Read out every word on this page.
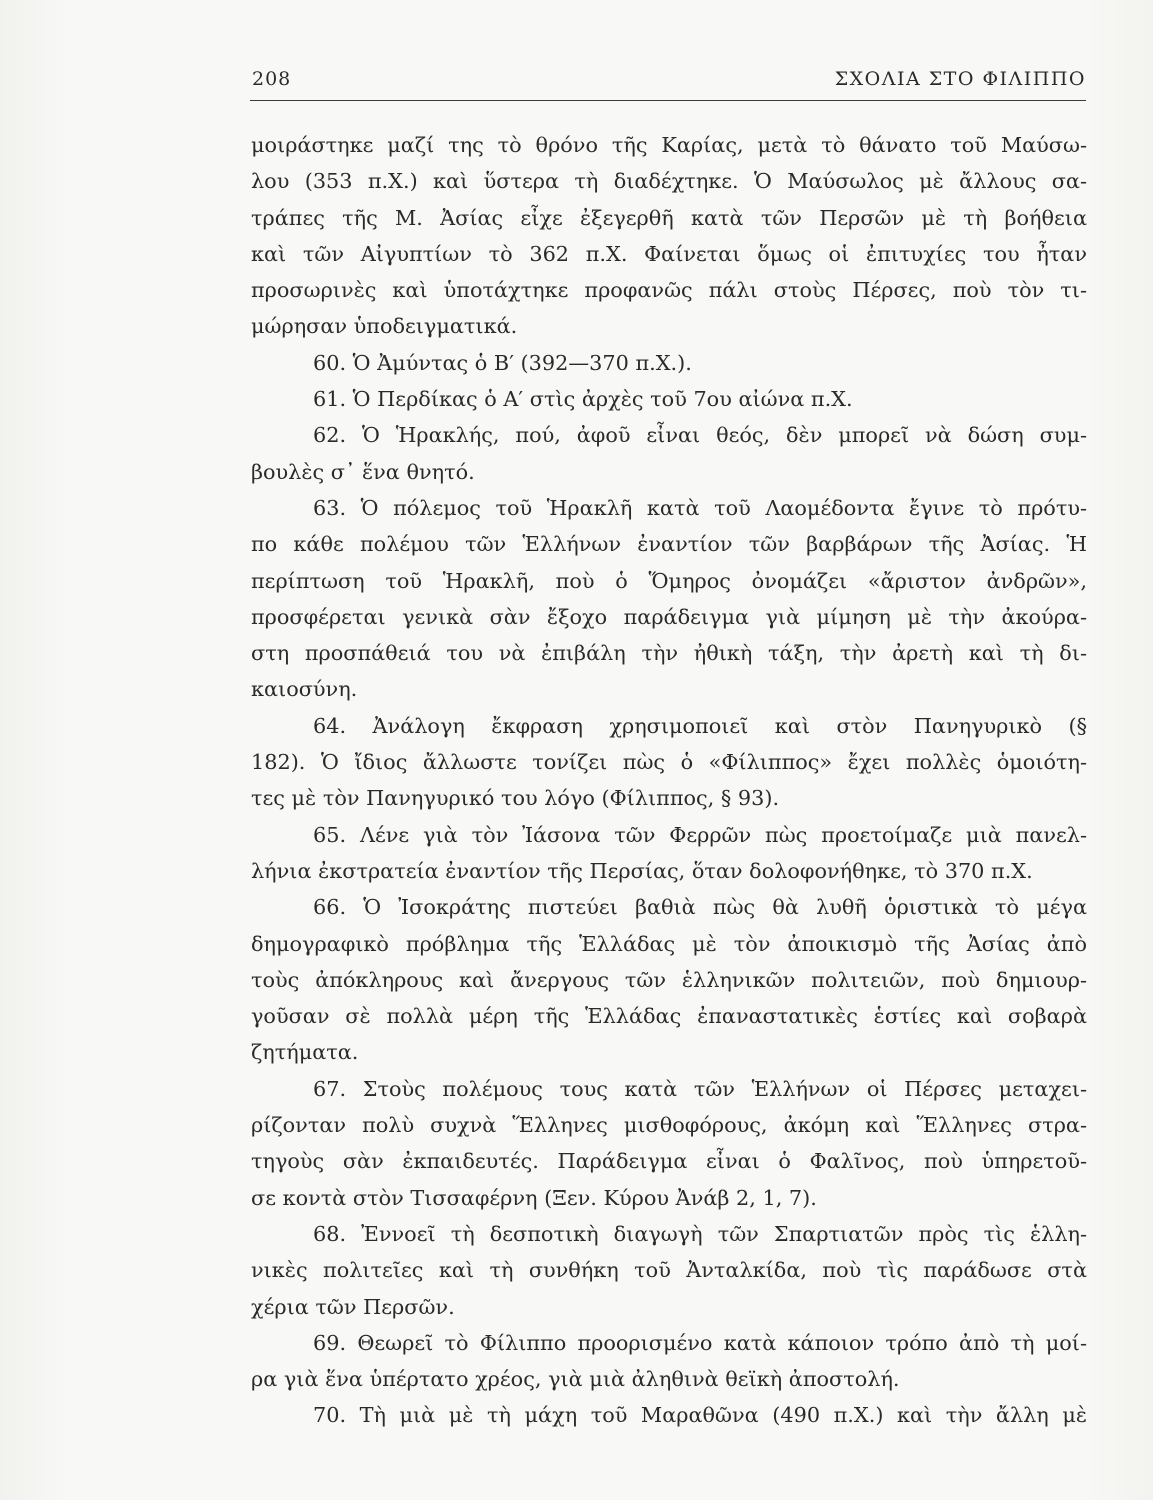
208	ΣΧΟΛΙΑ ΣΤΟ ΦΙΛΙΠΠΟ
μοιράστηκε μαζί της τὸ θρόνο τῆς Καρίας, μετὰ τὸ θάνατο τοῦ Μαύσω-
λου (353 π.Χ.) καὶ ὕστερα τὴ διαδέχτηκε. Ὁ Μαύσωλος μὲ ἄλλους σα-
τράπες τῆς Μ. Ἀσίας εἶχε ἐξεγερθῆ κατὰ τῶν Περσῶν μὲ τὴ βοήθεια
καὶ τῶν Αἰγυπτίων τὸ 362 π.Χ. Φαίνεται ὅμως οἱ ἐπιτυχίες του ἦταν
προσωρινὲς καὶ ὑποτάχτηκε προφανῶς πάλι στοὺς Πέρσες, ποὺ τὸν τι-
μώρησαν ὑποδειγματικά.
60. Ὁ Ἀμύντας ὁ Β′ (392—370 π.Χ.).
61. Ὁ Περδίκας ὁ Α′ στὶς ἀρχὲς τοῦ 7ου αἰώνα π.Χ.
62. Ὁ Ἡρακλής, πού, ἀφοῦ εἶναι θεός, δὲν μπορεῖ νὰ δώση συμ-
βουλὲς σ᾽ ἕνα θνητό.
63. Ὁ πόλεμος τοῦ Ἡρακλῆ κατὰ τοῦ Λαομέδοντα ἔγινε τὸ πρότυ-
πο κάθε πολέμου τῶν Ἑλλήνων ἐναντίον τῶν βαρβάρων τῆς Ἀσίας. Ἡ
περίπτωση τοῦ Ἡρακλῆ, ποὺ ὁ Ὅμηρος ὀνομάζει «ἄριστον ἀνδρῶν»,
προσφέρεται γενικὰ σὰν ἔξοχο παράδειγμα γιὰ μίμηση μὲ τὴν ἀκούρα-
στη προσπάθειά του νὰ ἐπιβάλη τὴν ἠθικὴ τάξη, τὴν ἀρετὴ καὶ τὴ δι-
καιοσύνη.
64. Ἀνάλογη ἔκφραση χρησιμοποιεῖ καὶ στὸν Πανηγυρικὸ (§
182). Ὁ ἴδιος ἄλλωστε τονίζει πὼς ὁ «Φίλιππος» ἔχει πολλὲς ὁμοιότη-
τες μὲ τὸν Πανηγυρικό του λόγο (Φίλιππος, § 93).
65. Λένε γιὰ τὸν Ἰάσονα τῶν Φερρῶν πὼς προετοίμαζε μιὰ πανελ-
λήνια ἐκστρατεία ἐναντίον τῆς Περσίας, ὅταν δολοφονήθηκε, τὸ 370 π.Χ.
66. Ὁ Ἰσοκράτης πιστεύει βαθιὰ πὼς θὰ λυθῆ ὁριστικὰ τὸ μέγα
δημογραφικὸ πρόβλημα τῆς Ἑλλάδας μὲ τὸν ἀποικισμὸ τῆς Ἀσίας ἀπὸ
τοὺς ἀπόκληρους καὶ ἄνεργους τῶν ἑλληνικῶν πολιτειῶν, ποὺ δημιουρ-
γοῦσαν σὲ πολλὰ μέρη τῆς Ἑλλάδας ἐπαναστατικὲς ἑστίες καὶ σοβαρὰ
ζητήματα.
67. Στοὺς πολέμους τους κατὰ τῶν Ἑλλήνων οἱ Πέρσες μεταχει-
ρίζονταν πολὺ συχνὰ Ἕλληνες μισθοφόρους, ἀκόμη καὶ Ἕλληνες στρα-
τηγοὺς σὰν ἐκπαιδευτές. Παράδειγμα εἶναι ὁ Φαλῖνος, ποὺ ὑπηρετοῦ-
σε κοντὰ στὸν Τισσαφέρνη (Ξεν. Κύρου Ἀνάβ 2, 1, 7).
68. Ἐννοεῖ τὴ δεσποτικὴ διαγωγὴ τῶν Σπαρτιατῶν πρὸς τὶς ἑλλη-
νικὲς πολιτεῖες καὶ τὴ συνθήκη τοῦ Ἀνταλκίδα, ποὺ τὶς παράδωσε στὰ
χέρια τῶν Περσῶν.
69. Θεωρεῖ τὸ Φίλιππο προορισμένο κατὰ κάποιον τρόπο ἀπὸ τὴ μοί-
ρα γιὰ ἕνα ὑπέρτατο χρέος, γιὰ μιὰ ἀληθινὰ θεϊκὴ ἀποστολή.
70. Τὴ μιὰ μὲ τὴ μάχη τοῦ Μαραθῶνα (490 π.Χ.) καὶ τὴν ἄλλη μὲ
